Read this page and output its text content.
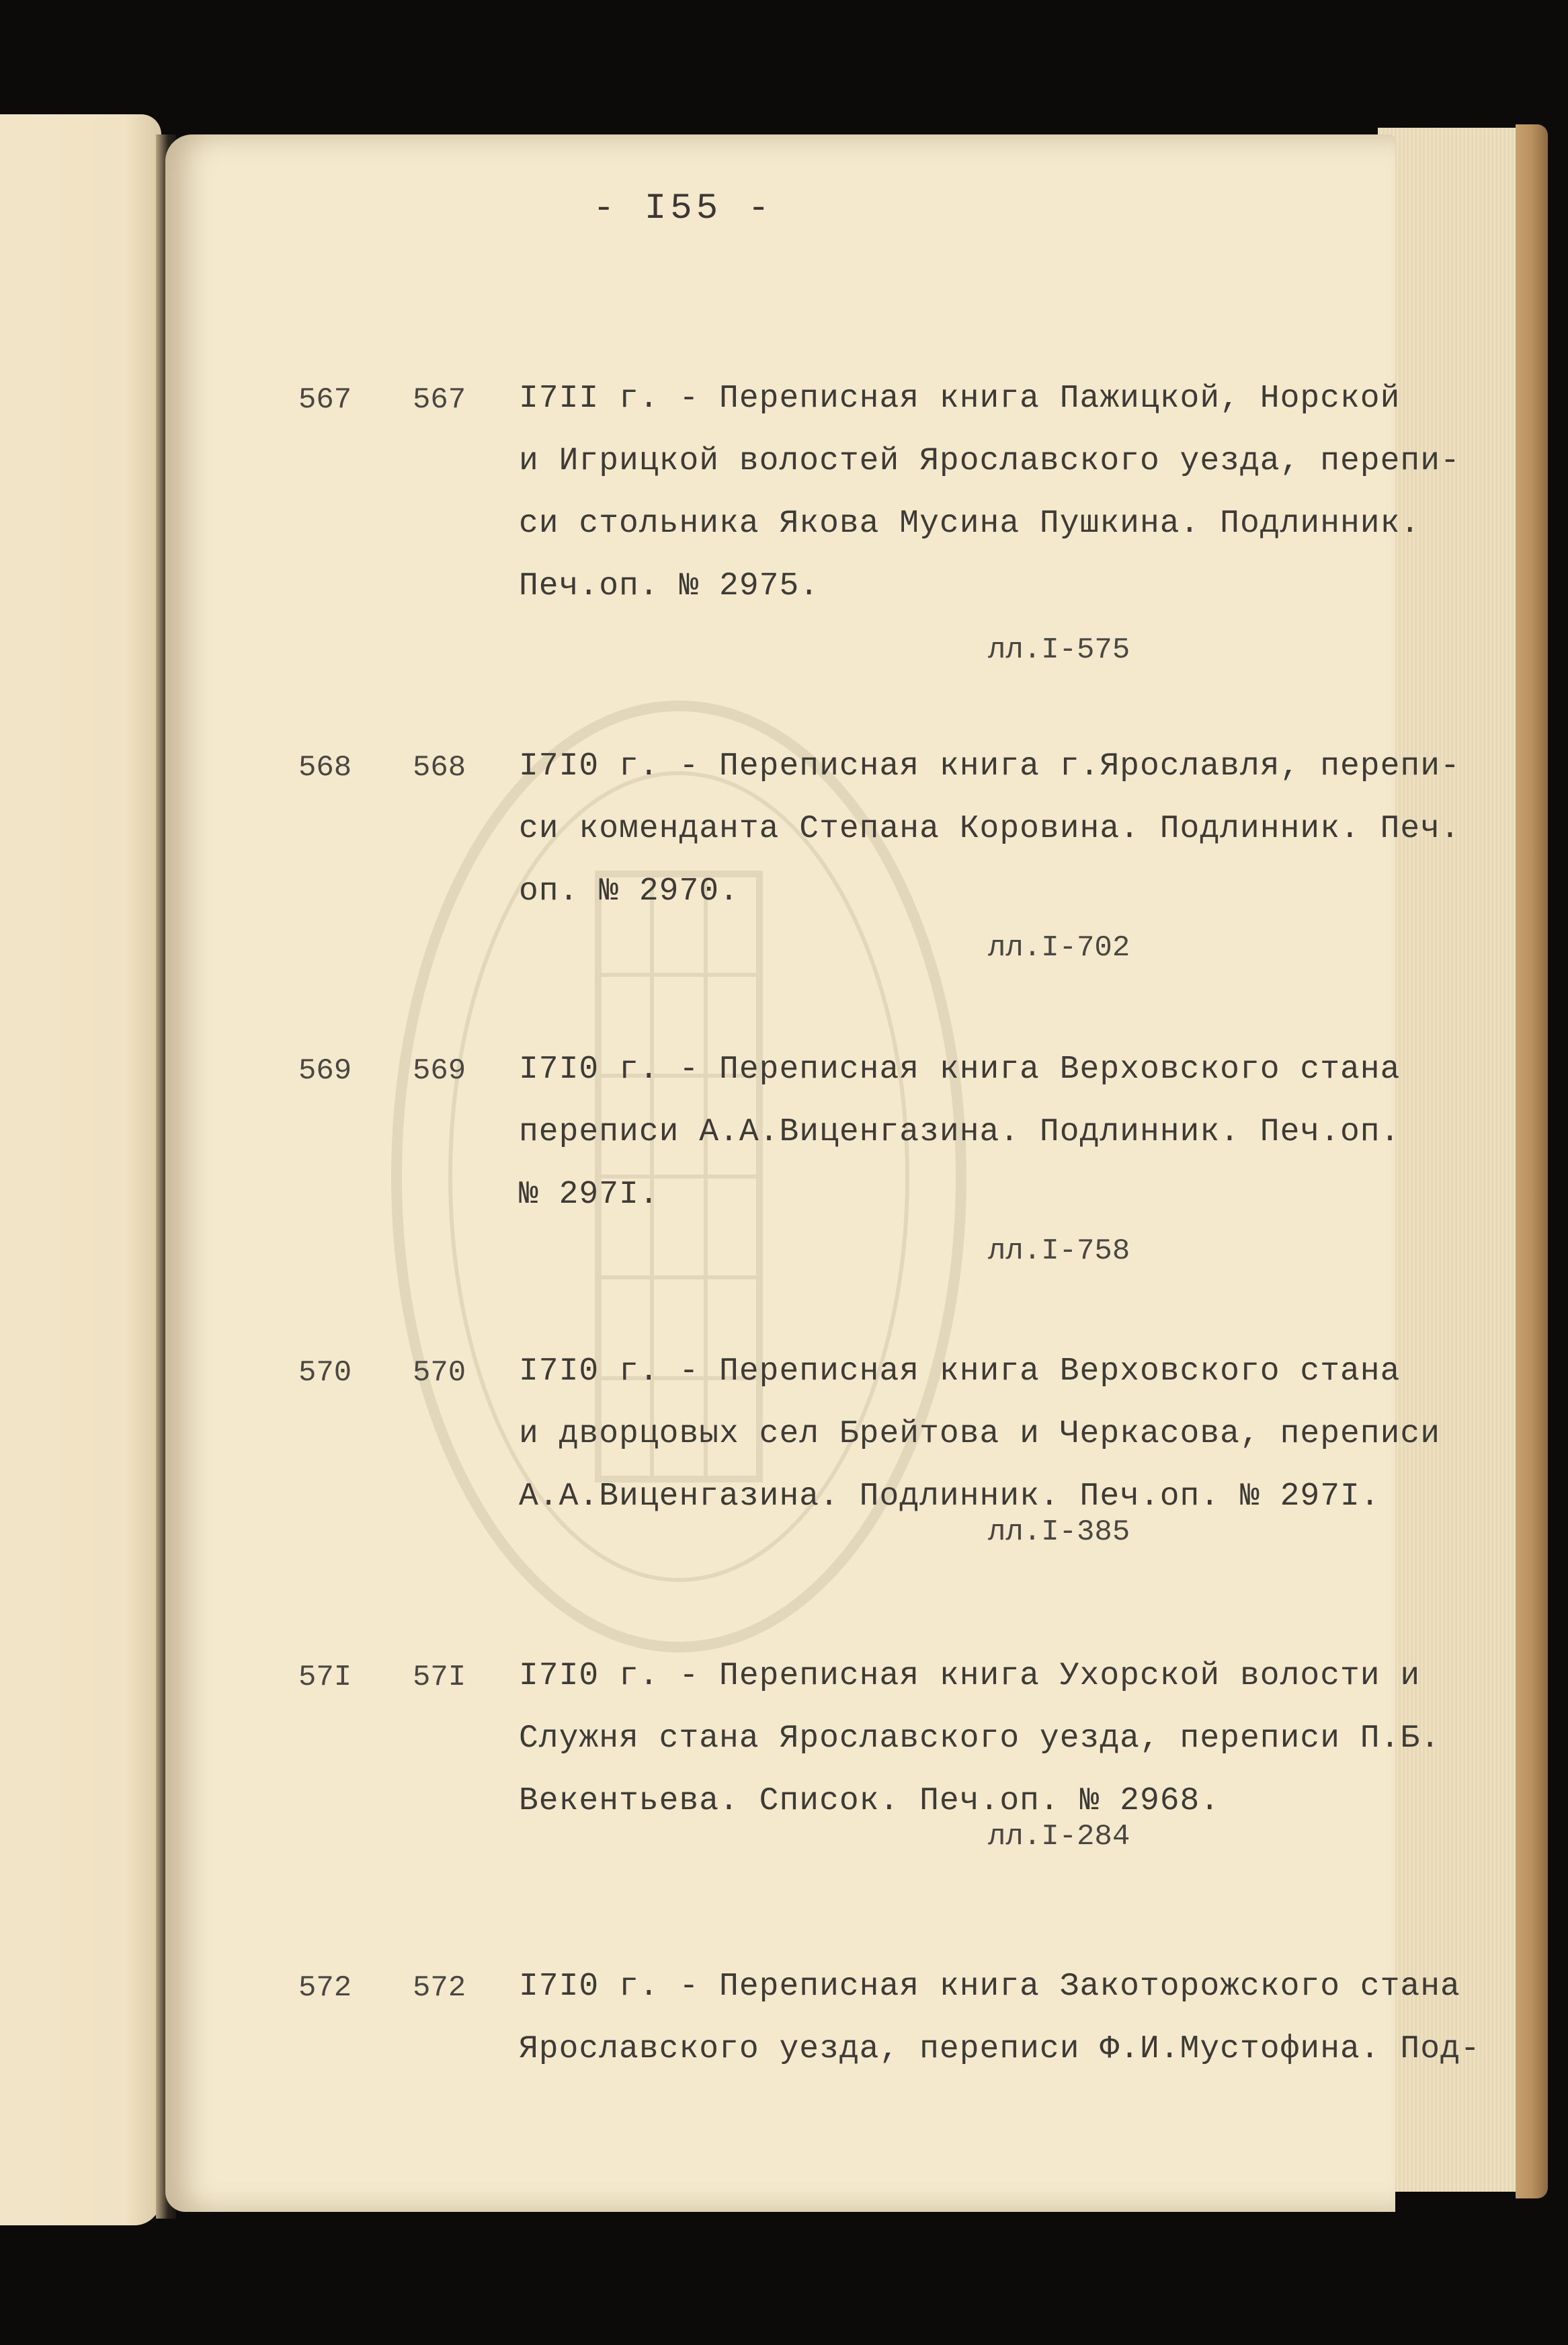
- I55 -
567 567 I7II г. - Переписная книга Пажицкой, Норской
и Игрицкой волостей Ярославского уезда, перепи-
си стольника Якова Мусина Пушкина. Подлинник.
Печ.оп. № 2975.
лл.I-575
568 568 I7I0 г. - Переписная книга г.Ярославля, перепи-
си коменданта Степана Коровина. Подлинник. Печ.
оп. № 2970.
лл.I-702
569 569 I7I0 г. - Переписная книга Верховского стана
переписи А.А.Виценгазина. Подлинник. Печ.оп.
№ 297I.
лл.I-758
570 570 I7I0 г. - Переписная книга Верховского стана
и дворцовых сел Брейтова и Черкасова, переписи
А.А.Виценгазина. Подлинник. Печ.оп. № 297I.
лл.I-385
57I 57I I7I0 г. - Переписная книга Ухорской волости и
Служня стана Ярославского уезда, переписи П.Б.
Векентьева. Список. Печ.оп. № 2968.
лл.I-284
572 572 I7I0 г. - Переписная книга Закоторожского стана
Ярославского уезда, переписи Ф.И.Мустофина. Под-
